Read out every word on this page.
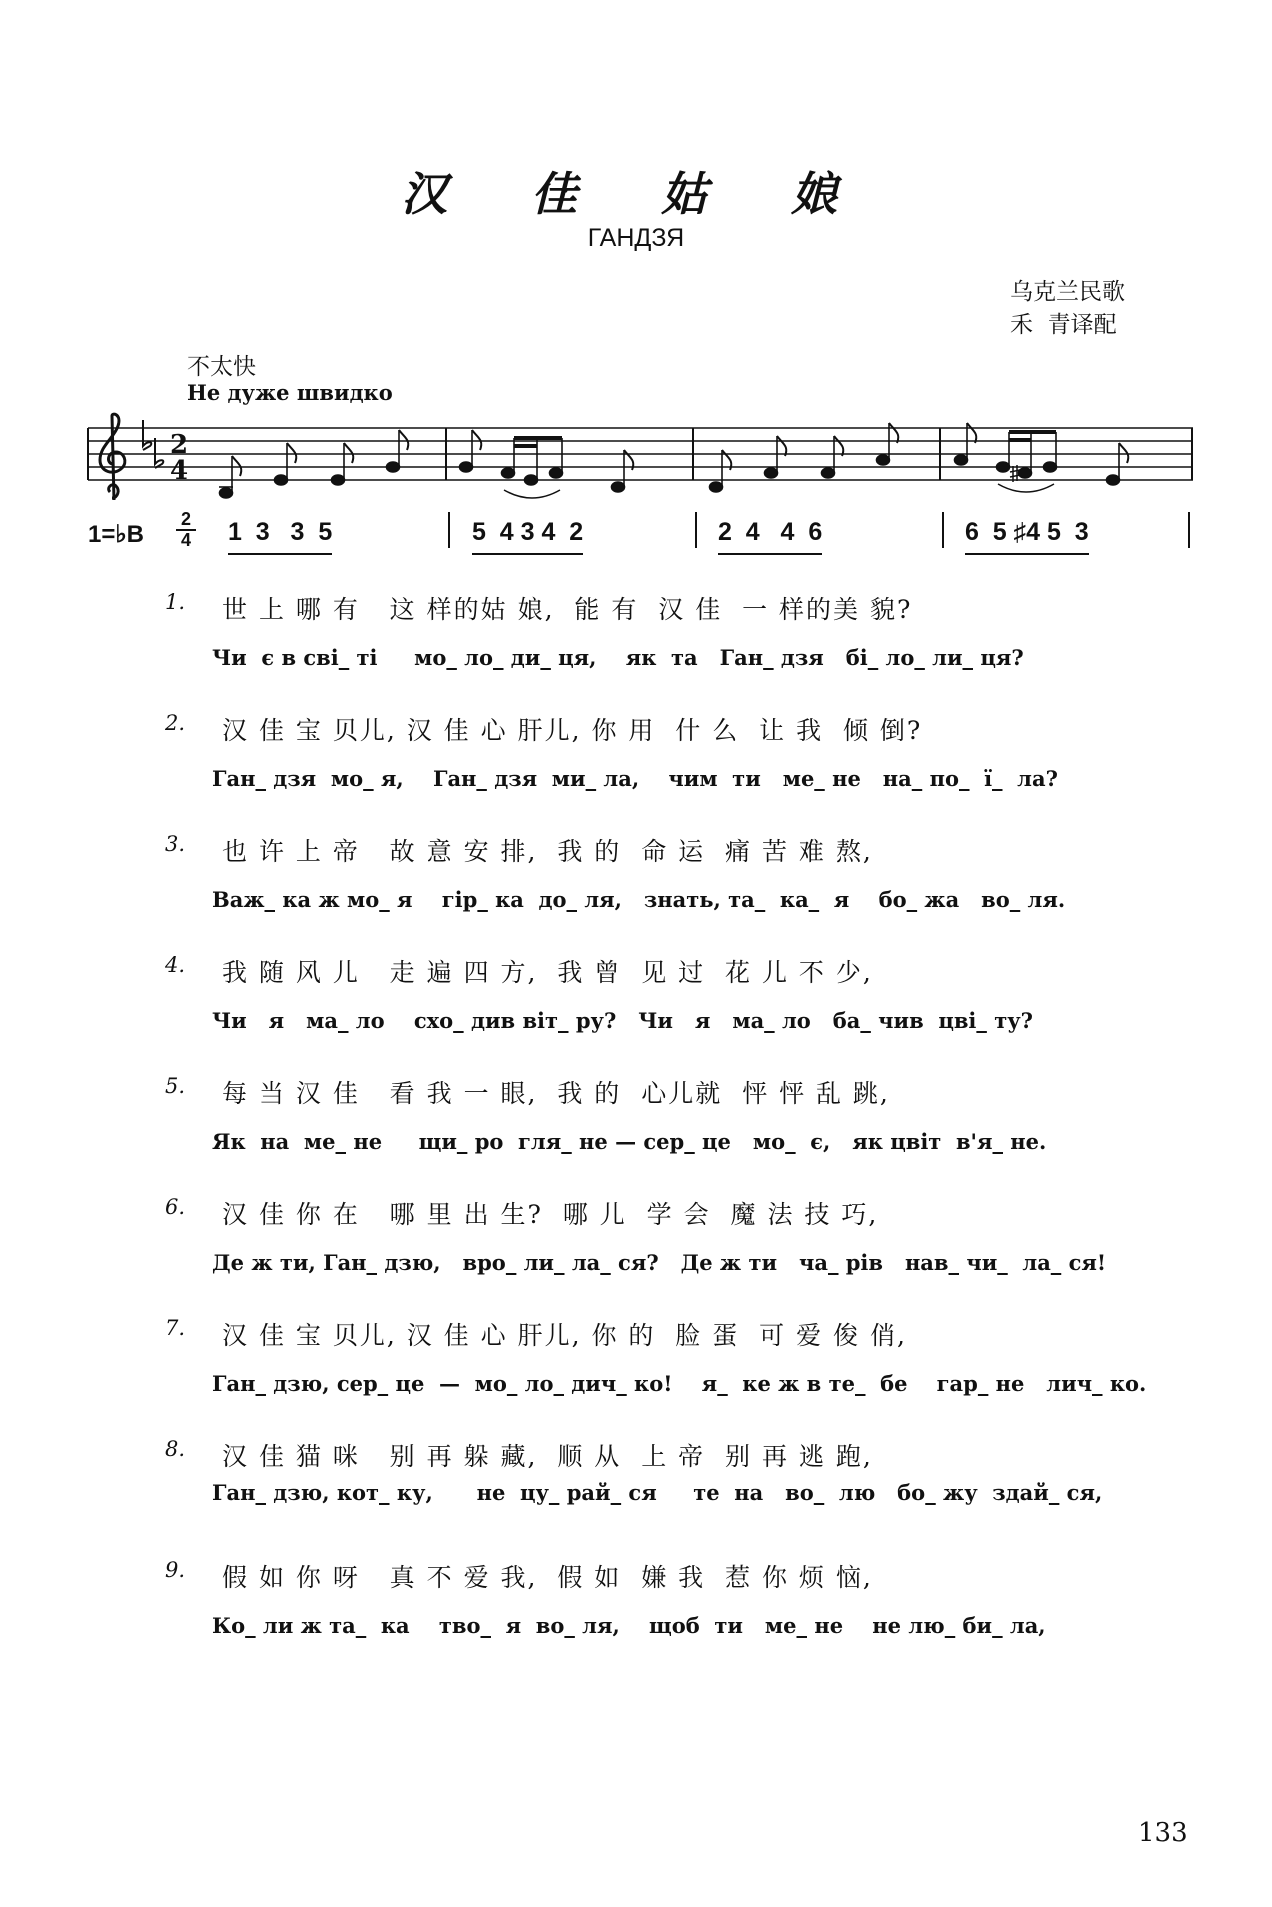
汉 佳 姑 娘
ГАНДЗЯ
乌克兰民歌
禾  青译配
不太快
Не дуже швидко
2
4
1=♭B
2
4 1  3   3  5	5  4 3 4  2	2  4   4  6	6  5 ♯4 5  3
1. 世 上 哪 有   这 样的姑 娘,  能 有  汉 佳  一 样的美 貌?
Чи  є в сві_ ті     мо_ ло_ ди_ ця,    як  та   Ган_ дзя   бі_ ло_ ли_ ця?
2. 汉 佳 宝 贝儿, 汉 佳 心 肝儿, 你 用  什 么  让 我  倾 倒?
Ган_ дзя  мо_ я,    Ган_ дзя  ми_ ла,    чим  ти   ме_ не   на_ по_  ї_  ла?
3. 也 许 上 帝   故 意 安 排,  我 的  命 运  痛 苦 难 熬,
Важ_ ка ж мо_ я    гір_ ка  до_ ля,   знать, та_  ка_  я    бо_ жа   во_ ля.
4. 我 随 风 儿   走 遍 四 方,  我 曾  见 过  花 儿 不 少,
Чи   я   ма_ ло    схо_ див віт_ ру?   Чи   я   ма_ ло   ба_ чив  цві_ ту?
5. 每 当 汉 佳   看 我 一 眼,  我 的  心儿就  怦 怦 乱 跳,
Як  на  ме_ не     щи_ ро  гля_ не — сер_ це   мо_  є,   як цвіт  в'я_ не.
6. 汉 佳 你 在   哪 里 出 生?  哪 儿  学 会  魔 法 技 巧,
Де ж ти, Ган_ дзю,   вро_ ли_ ла_ ся?   Де ж ти   ча_ рів   нав_ чи_  ла_ ся!
7. 汉 佳 宝 贝儿, 汉 佳 心 肝儿, 你 的  脸 蛋  可 爱 俊 俏,
Ган_ дзю, сер_ це  —  мо_ ло_ дич_ ко!    я_  ке ж в те_  бе    гар_ не   лич_ ко.
8. 汉 佳 猫 咪   别 再 躲 藏,  顺 从  上 帝  别 再 逃 跑,
Ган_ дзю, кот_ ку,      не  цу_ рай_ ся     те  на   во_  лю   бо_ жу  здай_ ся,
9. 假 如 你 呀   真 不 爱 我,  假 如  嫌 我  惹 你 烦 恼,
Ко_ ли ж та_  ка    тво_  я  во_ ля,    щоб  ти   ме_ не    не лю_ би_ ла,
133
